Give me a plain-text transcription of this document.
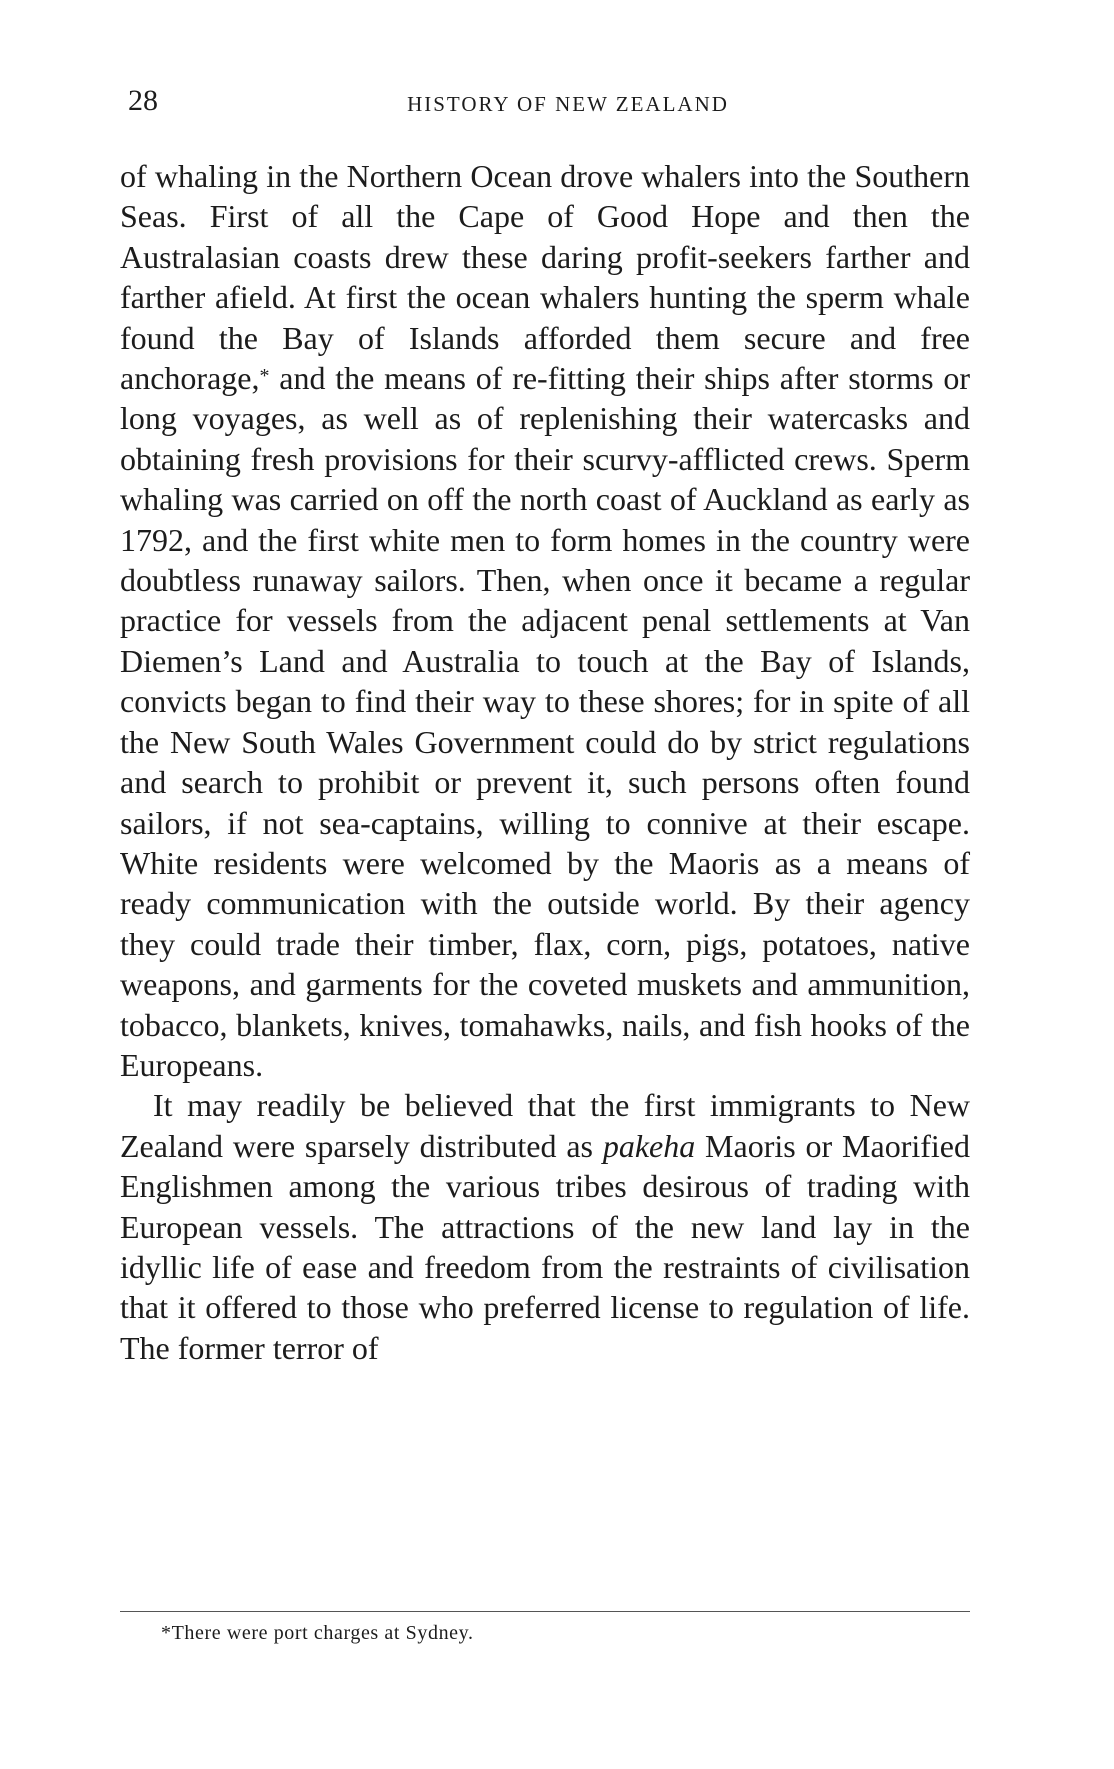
28	HISTORY OF NEW ZEALAND

of whaling in the Northern Ocean drove whalers into the Southern Seas. First of all the Cape of Good Hope and then the Australasian coasts drew these daring profit-seekers farther and farther afield. At first the ocean whalers hunting the sperm whale found the Bay of Islands afforded them secure and free anchorage,* and the means of re-fitting their ships after storms or long voyages, as well as of replenishing their watercasks and obtaining fresh provisions for their scurvy-afflicted crews. Sperm whaling was carried on off the north coast of Auckland as early as 1792, and the first white men to form homes in the country were doubtless runaway sailors. Then, when once it became a regular practice for vessels from the adjacent penal settlements at Van Diemen’s Land and Australia to touch at the Bay of Islands, convicts began to find their way to these shores; for in spite of all the New South Wales Government could do by strict regulations and search to prohibit or prevent it, such persons often found sailors, if not sea-captains, willing to connive at their escape. White residents were welcomed by the Maoris as a means of ready communication with the outside world. By their agency they could trade their timber, flax, corn, pigs, potatoes, native weapons, and garments for the coveted muskets and ammunition, tobacco, blankets, knives, tomahawks, nails, and fish hooks of the Europeans.

It may readily be believed that the first immigrants to New Zealand were sparsely distributed as pakeha Maoris or Maorified Englishmen among the various tribes desirous of trading with European vessels. The attractions of the new land lay in the idyllic life of ease and freedom from the restraints of civilisation that it offered to those who preferred license to regulation of life. The former terror of

*There were port charges at Sydney.
